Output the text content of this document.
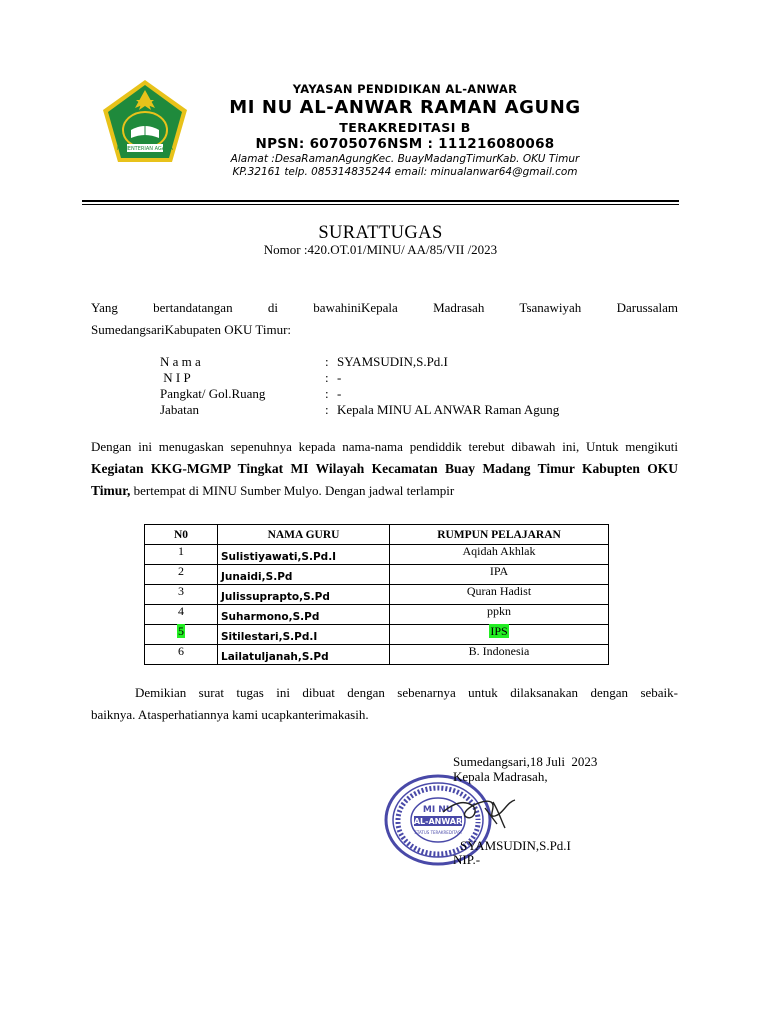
KEMENTERIAN AGAMA
YAYASAN PENDIDIKAN AL-ANWAR
MI NU AL-ANWAR RAMAN AGUNG
TERAKREDITASI B
NPSN: 60705076NSM : 111216080068
Alamat :DesaRamanAgungKec. BuayMadangTimurKab. OKU Timur
KP.32161 telp. 085314835244 email: minualanwar64@gmail.com
SURATTUGAS
Nomor :420.OT.01/MINU/ AA/85/VII /2023
Yang bertandatangan di bawahiniKepala Madrasah Tsanawiyah Darussalam
SumedangsariKabupaten OKU Timur:
N a m a	:	SYAMSUDIN,S.Pd.I
N I P	:	-
Pangkat/ Gol.Ruang	:	-
Jabatan	:	Kepala MINU AL ANWAR Raman Agung
Dengan ini menugaskan sepenuhnya kepada nama-nama pendiddik terebut dibawah ini, Untuk mengikuti Kegiatan KKG-MGMP Tingkat MI Wilayah Kecamatan Buay Madang Timur Kabupten OKU Timur, bertempat di MINU Sumber Mulyo. Dengan jadwal terlampir
N0	NAMA GURU	RUMPUN PELAJARAN
1	Sulistiyawati,S.Pd.I	Aqidah Akhlak
2	Junaidi,S.Pd	IPA
3	Julissuprapto,S.Pd	Quran Hadist
4	Suharmono,S.Pd	ppkn
5	Sitilestari,S.Pd.I	IPS
6	Lailatuljanah,S.Pd	B. Indonesia
Demikian surat tugas ini dibuat dengan sebenarnya untuk dilaksanakan dengan sebaik-
baiknya. Atasperhatiannya kami ucapkanterimakasih.
MI NU
AL-ANWAR
STATUS TERAKREDITASI
Sumedangsari,18 Juli  2023
Kepala Madrasah,
SYAMSUDIN,S.Pd.I
NIP.-
